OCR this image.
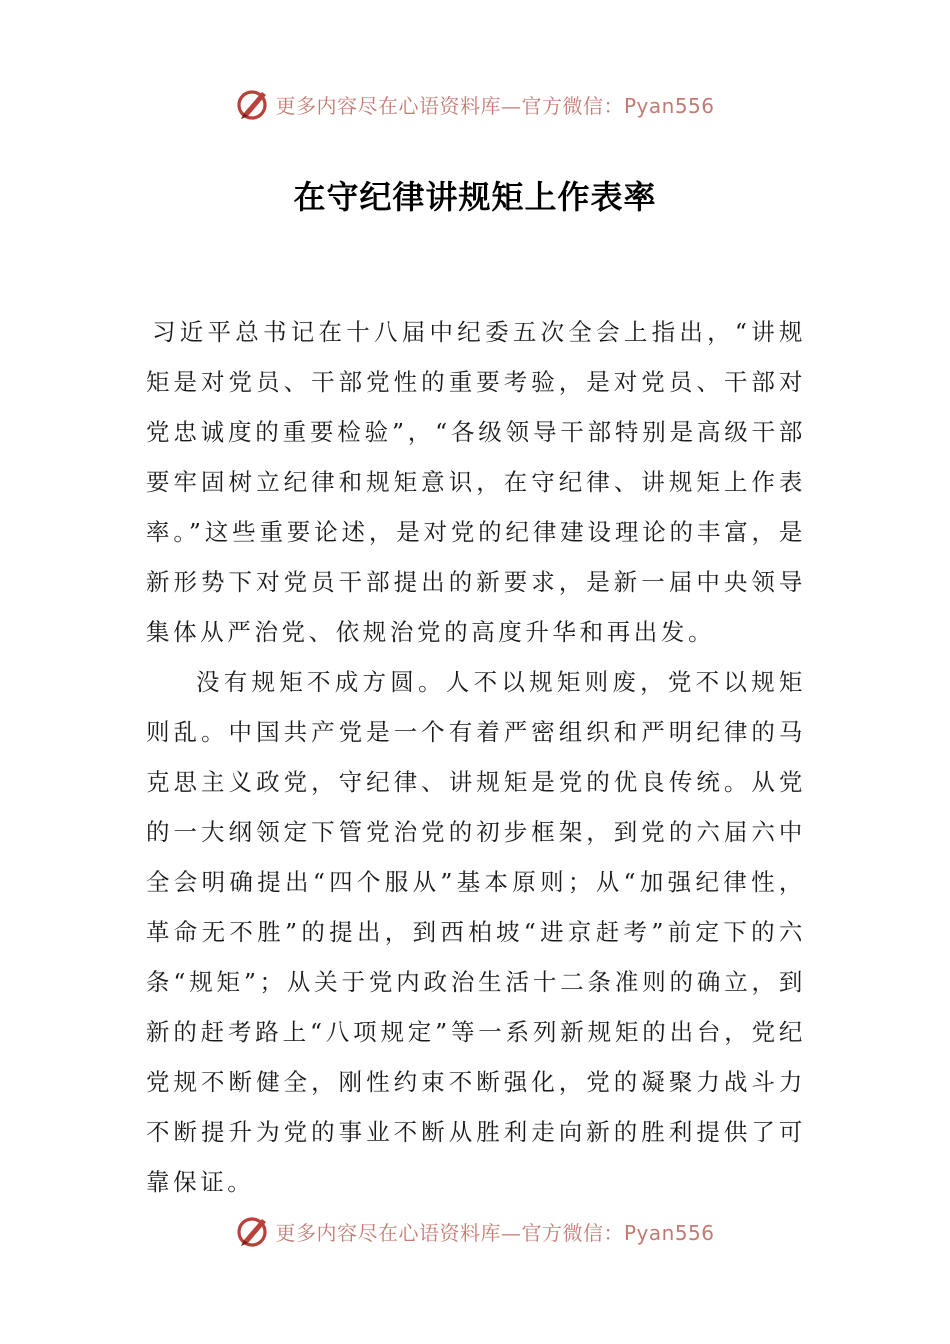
更多内容尽在心语资料库—官方微信：Pyan556
在守纪律讲规矩上作表率

习近平总书记在十八届中纪委五次全会上指出，“讲规矩是对党员、干部党性的重要考验，是对党员、干部对党忠诚度的重要检验”，“各级领导干部特别是高级干部要牢固树立纪律和规矩意识，在守纪律、讲规矩上作表率。”这些重要论述，是对党的纪律建设理论的丰富，是新形势下对党员干部提出的新要求，是新一届中央领导集体从严治党、依规治党的高度升华和再出发。

没有规矩不成方圆。人不以规矩则废，党不以规矩则乱。中国共产党是一个有着严密组织和严明纪律的马克思主义政党，守纪律、讲规矩是党的优良传统。从党的一大纲领定下管党治党的初步框架，到党的六届六中全会明确提出“四个服从”基本原则；从“加强纪律性，革命无不胜”的提出，到西柏坡“进京赶考”前定下的六条“规矩”；从关于党内政治生活十二条准则的确立，到新的赶考路上“八项规定”等一系列新规矩的出台，党纪党规不断健全，刚性约束不断强化，党的凝聚力战斗力不断提升为党的事业不断从胜利走向新的胜利提供了可靠保证。

更多内容尽在心语资料库—官方微信：Pyan556
